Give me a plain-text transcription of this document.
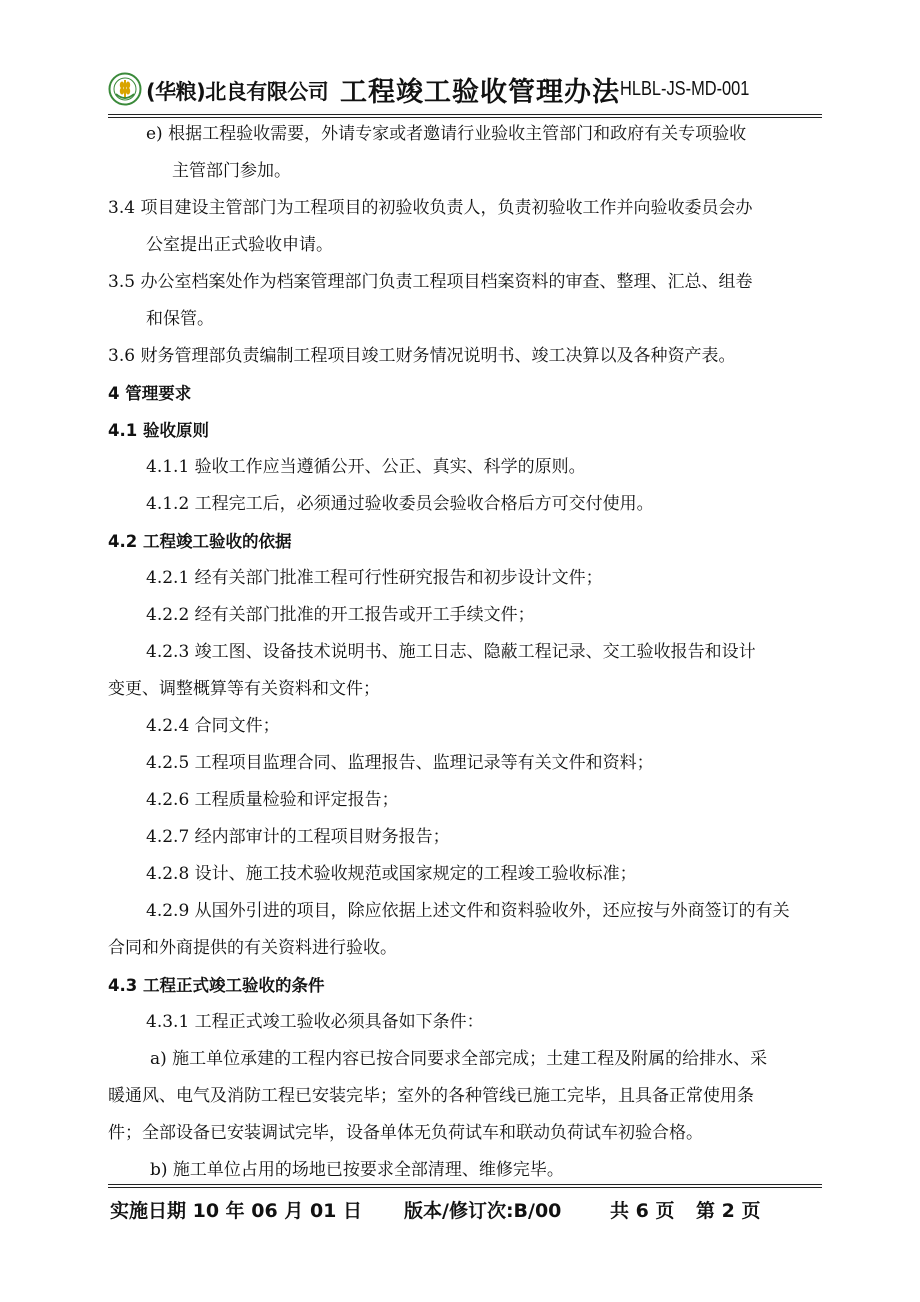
(华粮)北良有限公司 工程竣工验收管理办法 HLBL-JS-MD-001

e) 根据工程验收需要，外请专家或者邀请行业验收主管部门和政府有关专项验收

主管部门参加。

3.4 项目建设主管部门为工程项目的初验收负责人，负责初验收工作并向验收委员会办

公室提出正式验收申请。

3.5 办公室档案处作为档案管理部门负责工程项目档案资料的审查、整理、汇总、组卷

和保管。

3.6 财务管理部负责编制工程项目竣工财务情况说明书、竣工决算以及各种资产表。

4 管理要求

4.1 验收原则

4.1.1 验收工作应当遵循公开、公正、真实、科学的原则。

4.1.2 工程完工后，必须通过验收委员会验收合格后方可交付使用。

4.2 工程竣工验收的依据

4.2.1 经有关部门批准工程可行性研究报告和初步设计文件；

4.2.2 经有关部门批准的开工报告或开工手续文件；

4.2.3 竣工图、设备技术说明书、施工日志、隐蔽工程记录、交工验收报告和设计

变更、调整概算等有关资料和文件；

4.2.4 合同文件；

4.2.5 工程项目监理合同、监理报告、监理记录等有关文件和资料；

4.2.6 工程质量检验和评定报告；

4.2.7 经内部审计的工程项目财务报告；

4.2.8 设计、施工技术验收规范或国家规定的工程竣工验收标准；

4.2.9 从国外引进的项目，除应依据上述文件和资料验收外，还应按与外商签订的有关

合同和外商提供的有关资料进行验收。

4.3 工程正式竣工验收的条件

4.3.1 工程正式竣工验收必须具备如下条件：

a) 施工单位承建的工程内容已按合同要求全部完成；土建工程及附属的给排水、采

暖通风、电气及消防工程已安装完毕；室外的各种管线已施工完毕，且具备正常使用条

件；全部设备已安装调试完毕，设备单体无负荷试车和联动负荷试车初验合格。

b) 施工单位占用的场地已按要求全部清理、维修完毕。

实施日期 10 年 06 月 01 日 版本/修订次:B/00	共 6 页 第 2 页
